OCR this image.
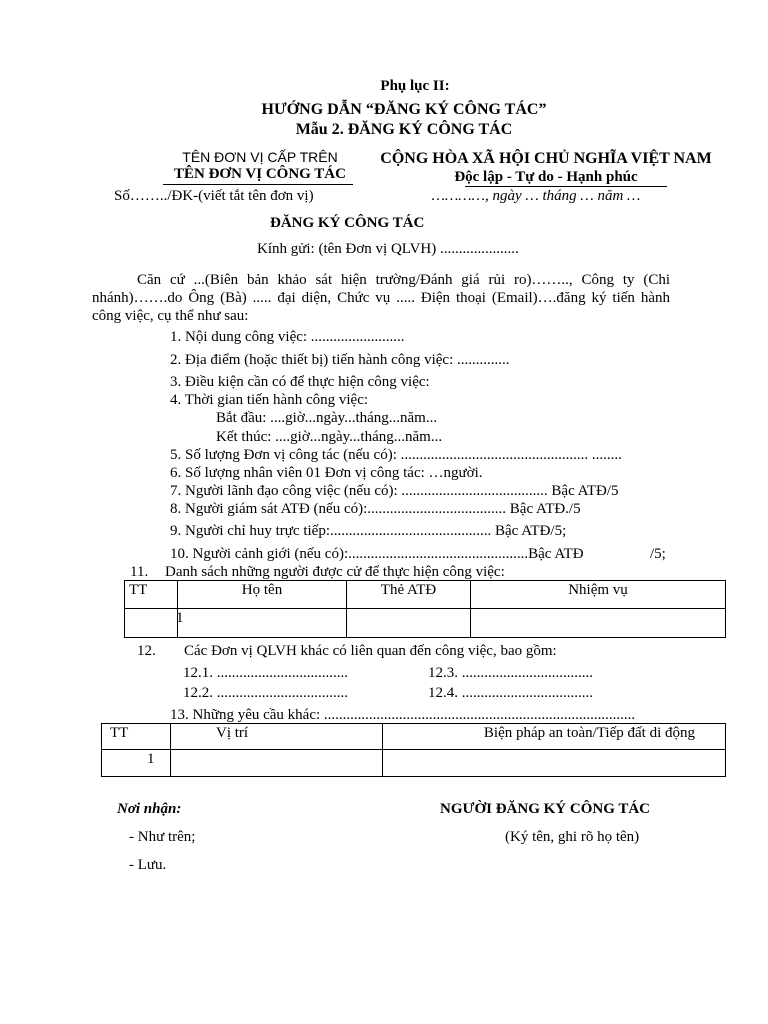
Phụ lục II:
HƯỚNG DẪN “ĐĂNG KÝ CÔNG TÁC”
Mẫu 2. ĐĂNG KÝ CÔNG TÁC
TÊN ĐƠN VỊ CẤP TRÊN
TÊN ĐƠN VỊ CÔNG TÁC
Số……../ĐK-(viết tắt tên đơn vị)
CỘNG HÒA XÃ HỘI CHỦ NGHĨA VIỆT NAM
Độc lập - Tự do - Hạnh phúc
…………, ngày … tháng … năm …
ĐĂNG KÝ CÔNG TÁC
Kính gửi: (tên Đơn vị QLVH) .....................
Căn cứ ...(Biên bản khảo sát hiện trường/Đánh giá rủi ro)…….., Công ty (Chi nhánh)…….do Ông (Bà) ..... đại diện, Chức vụ ..... Điện thoại (Email)….đăng ký tiến hành công việc, cụ thể như sau:
1. Nội dung công việc: .........................
2. Địa điểm (hoặc thiết bị) tiến hành công việc: ..............
3. Điều kiện cần có để thực hiện công việc:
4. Thời gian tiến hành công việc:
Bắt đầu: ....giờ...ngày...tháng...năm...
Kết thúc: ....giờ...ngày...tháng...năm...
5. Số lượng Đơn vị công tác (nếu có): .................................................. ........
6. Số lượng nhân viên 01 Đơn vị công tác: …người.
7. Người lãnh đạo công việc (nếu có): ....................................... Bậc ATĐ/5
8. Người giám sát ATĐ (nếu có):..................................... Bậc ATĐ./5
9. Người chỉ huy trực tiếp:........................................... Bậc ATĐ/5;
10. Người cảnh giới (nếu có):................................................Bậc ATĐ	/5;
11. Danh sách những người được cử để thực hiện công việc:
TT	Họ tên	Thẻ ATĐ	Nhiệm vụ

	1		

12. Các Đơn vị QLVH khác có liên quan đến công việc, bao gồm:
12.1. ...................................	12.3. ...................................
12.2. ...................................	12.4. ...................................
13. Những yêu cầu khác: ...................................................................................
TT	Vị trí	Biện pháp an toàn/Tiếp đất di động
1		
Nơi nhận:
- Như trên;
- Lưu.
NGƯỜI ĐĂNG KÝ CÔNG TÁC
(Ký tên, ghi rõ họ tên)
